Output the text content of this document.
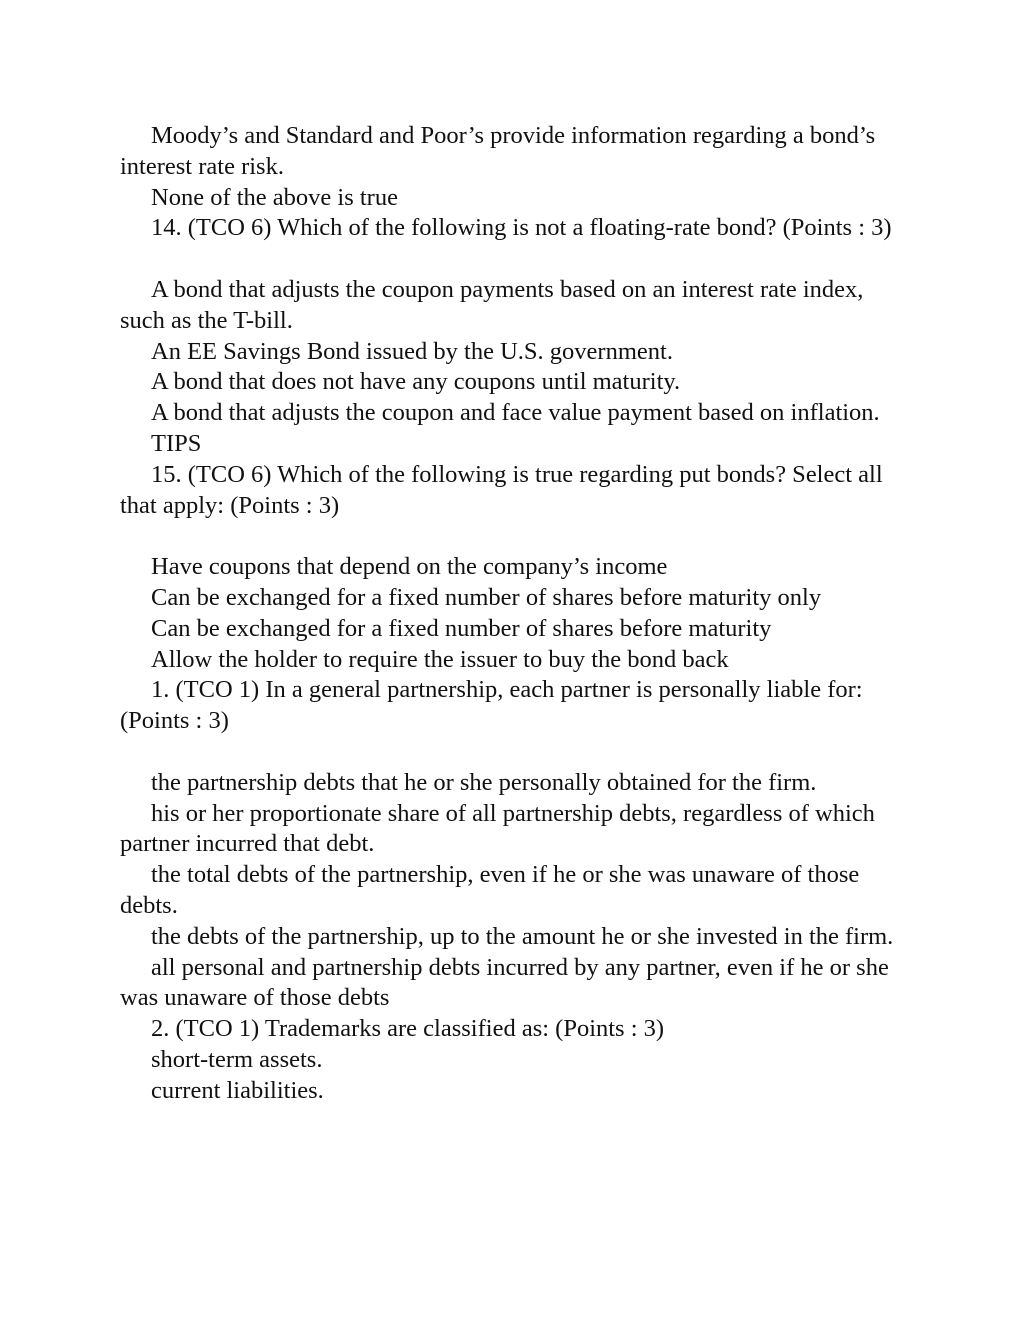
Moody’s and Standard and Poor’s provide information regarding a bond’s interest rate risk.

None of the above is true

14. (TCO 6) Which of the following is not a floating-rate bond? (Points : 3)

A bond that adjusts the coupon payments based on an interest rate index, such as the T-bill.

An EE Savings Bond issued by the U.S. government.

A bond that does not have any coupons until maturity.

A bond that adjusts the coupon and face value payment based on inflation.

TIPS

15. (TCO 6) Which of the following is true regarding put bonds? Select all that apply: (Points : 3)

Have coupons that depend on the company’s income

Can be exchanged for a fixed number of shares before maturity only

Can be exchanged for a fixed number of shares before maturity

Allow the holder to require the issuer to buy the bond back

1. (TCO 1) In a general partnership, each partner is personally liable for: (Points : 3)

the partnership debts that he or she personally obtained for the firm.

his or her proportionate share of all partnership debts, regardless of which partner incurred that debt.

the total debts of the partnership, even if he or she was unaware of those debts.

the debts of the partnership, up to the amount he or she invested in the firm.

all personal and partnership debts incurred by any partner, even if he or she was unaware of those debts

2. (TCO 1) Trademarks are classified as: (Points : 3)

short-term assets.

current liabilities.
